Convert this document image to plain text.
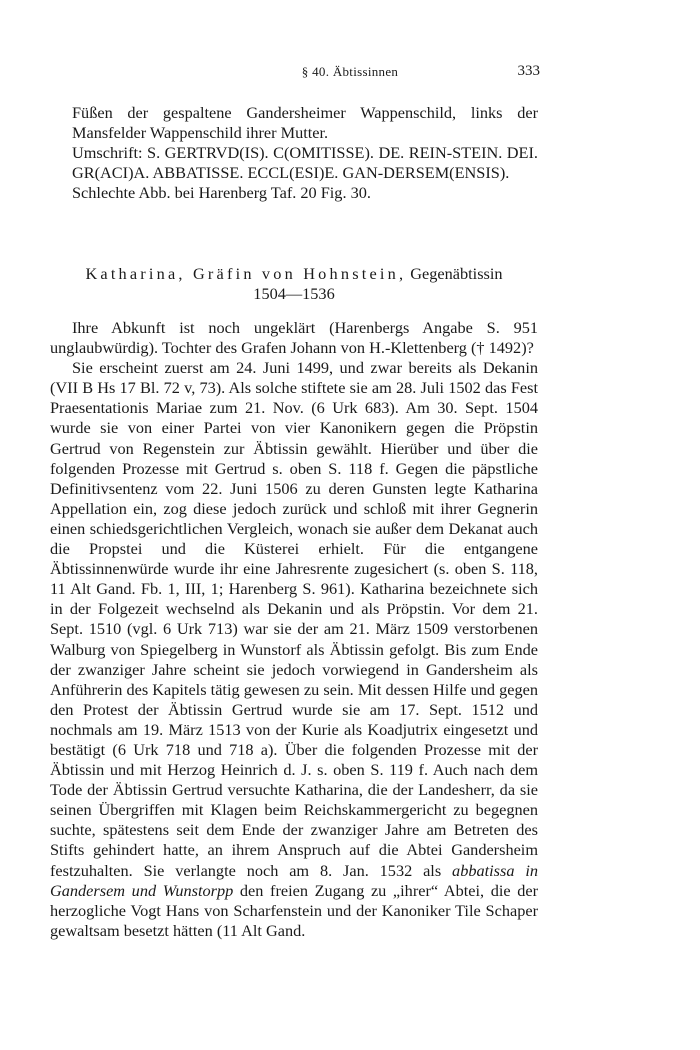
§ 40. Äbtissinnen	333

Füßen der gespaltene Gandersheimer Wappenschild, links der Mansfelder Wappenschild ihrer Mutter.

Umschrift: S. GERTRVD(IS). C(OMITISSE). DE. REIN-STEIN. DEI. GR(ACI)A. ABBATISSE. ECCL(ESI)E. GAN-DERSEM(ENSIS).

Schlechte Abb. bei Harenberg Taf. 20 Fig. 30.

Katharina, Gräfin von Hohnstein, Gegenäbtissin
1504—1536

Ihre Abkunft ist noch ungeklärt (Harenbergs Angabe S. 951 unglaubwürdig). Tochter des Grafen Johann von H.-Klettenberg († 1492)?

Sie erscheint zuerst am 24. Juni 1499, und zwar bereits als Dekanin (VII B Hs 17 Bl. 72 v, 73). Als solche stiftete sie am 28. Juli 1502 das Fest Praesentationis Mariae zum 21. Nov. (6 Urk 683). Am 30. Sept. 1504 wurde sie von einer Partei von vier Kanonikern gegen die Pröpstin Gertrud von Regenstein zur Äbtissin gewählt. Hierüber und über die folgenden Prozesse mit Gertrud s. oben S. 118 f. Gegen die päpstliche Definitivsentenz vom 22. Juni 1506 zu deren Gunsten legte Katharina Appellation ein, zog diese jedoch zurück und schloß mit ihrer Gegnerin einen schiedsgerichtlichen Vergleich, wonach sie außer dem Dekanat auch die Propstei und die Küsterei erhielt. Für die entgangene Äbtissinnenwürde wurde ihr eine Jahresrente zugesichert (s. oben S. 118, 11 Alt Gand. Fb. 1, III, 1; Harenberg S. 961). Katharina bezeichnete sich in der Folgezeit wechselnd als Dekanin und als Pröpstin. Vor dem 21. Sept. 1510 (vgl. 6 Urk 713) war sie der am 21. März 1509 verstorbenen Walburg von Spiegelberg in Wunstorf als Äbtissin gefolgt. Bis zum Ende der zwanziger Jahre scheint sie jedoch vorwiegend in Gandersheim als Anführerin des Kapitels tätig gewesen zu sein. Mit dessen Hilfe und gegen den Protest der Äbtissin Gertrud wurde sie am 17. Sept. 1512 und nochmals am 19. März 1513 von der Kurie als Koadjutrix eingesetzt und bestätigt (6 Urk 718 und 718 a). Über die folgenden Prozesse mit der Äbtissin und mit Herzog Heinrich d. J. s. oben S. 119 f. Auch nach dem Tode der Äbtissin Gertrud versuchte Katharina, die der Landesherr, da sie seinen Übergriffen mit Klagen beim Reichskammergericht zu begegnen suchte, spätestens seit dem Ende der zwanziger Jahre am Betreten des Stifts gehindert hatte, an ihrem Anspruch auf die Abtei Gandersheim festzuhalten. Sie verlangte noch am 8. Jan. 1532 als abbatissa in Gandersem und Wunstorpp den freien Zugang zu „ihrer“ Abtei, die der herzogliche Vogt Hans von Scharfenstein und der Kanoniker Tile Schaper gewaltsam besetzt hätten (11 Alt Gand.
